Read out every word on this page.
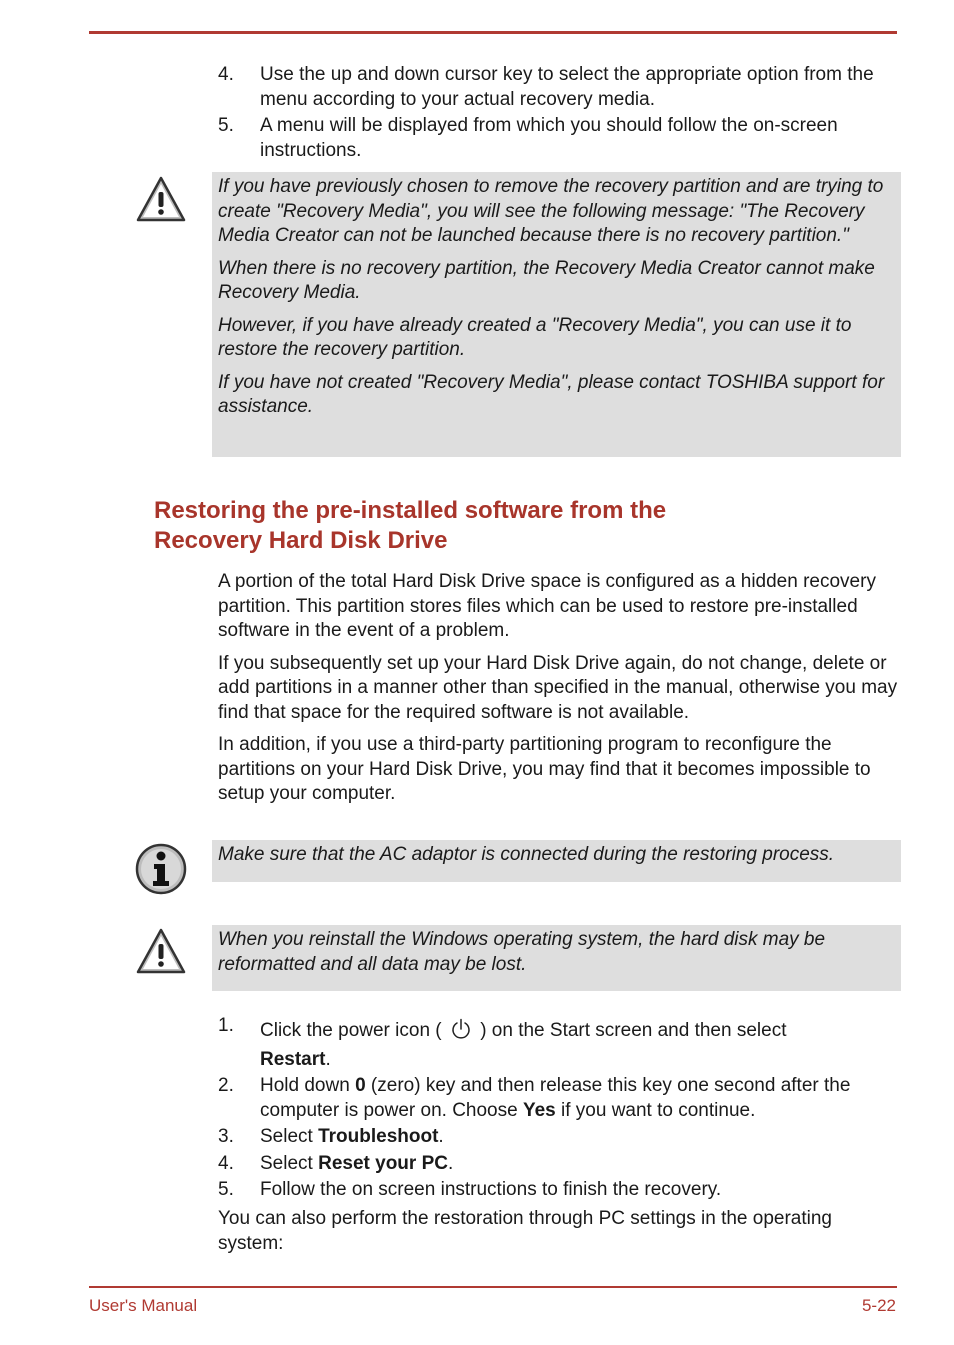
4.	Use the up and down cursor key to select the appropriate option from the menu according to your actual recovery media.
5.	A menu will be displayed from which you should follow the on-screen instructions.

If you have previously chosen to remove the recovery partition and are trying to create "Recovery Media", you will see the following message: "The Recovery Media Creator can not be launched because there is no recovery partition."

When there is no recovery partition, the Recovery Media Creator cannot make Recovery Media.

However, if you have already created a "Recovery Media", you can use it to restore the recovery partition.

If you have not created "Recovery Media", please contact TOSHIBA support for assistance.

Restoring the pre-installed software from the
Recovery Hard Disk Drive

A portion of the total Hard Disk Drive space is configured as a hidden recovery partition. This partition stores files which can be used to restore pre-installed software in the event of a problem.

If you subsequently set up your Hard Disk Drive again, do not change, delete or add partitions in a manner other than specified in the manual, otherwise you may find that space for the required software is not available.

In addition, if you use a third-party partitioning program to reconfigure the partitions on your Hard Disk Drive, you may find that it becomes impossible to setup your computer.

Make sure that the AC adaptor is connected during the restoring process.

When you reinstall the Windows operating system, the hard disk may be reformatted and all data may be lost.

1.	Click the power icon ( ) on the Start screen and then select
Restart.
2.	Hold down 0 (zero) key and then release this key one second after the computer is power on. Choose Yes if you want to continue.
3.	Select Troubleshoot.
4.	Select Reset your PC.
5.	Follow the on screen instructions to finish the recovery.

You can also perform the restoration through PC settings in the operating system:

User's Manual	5-22
